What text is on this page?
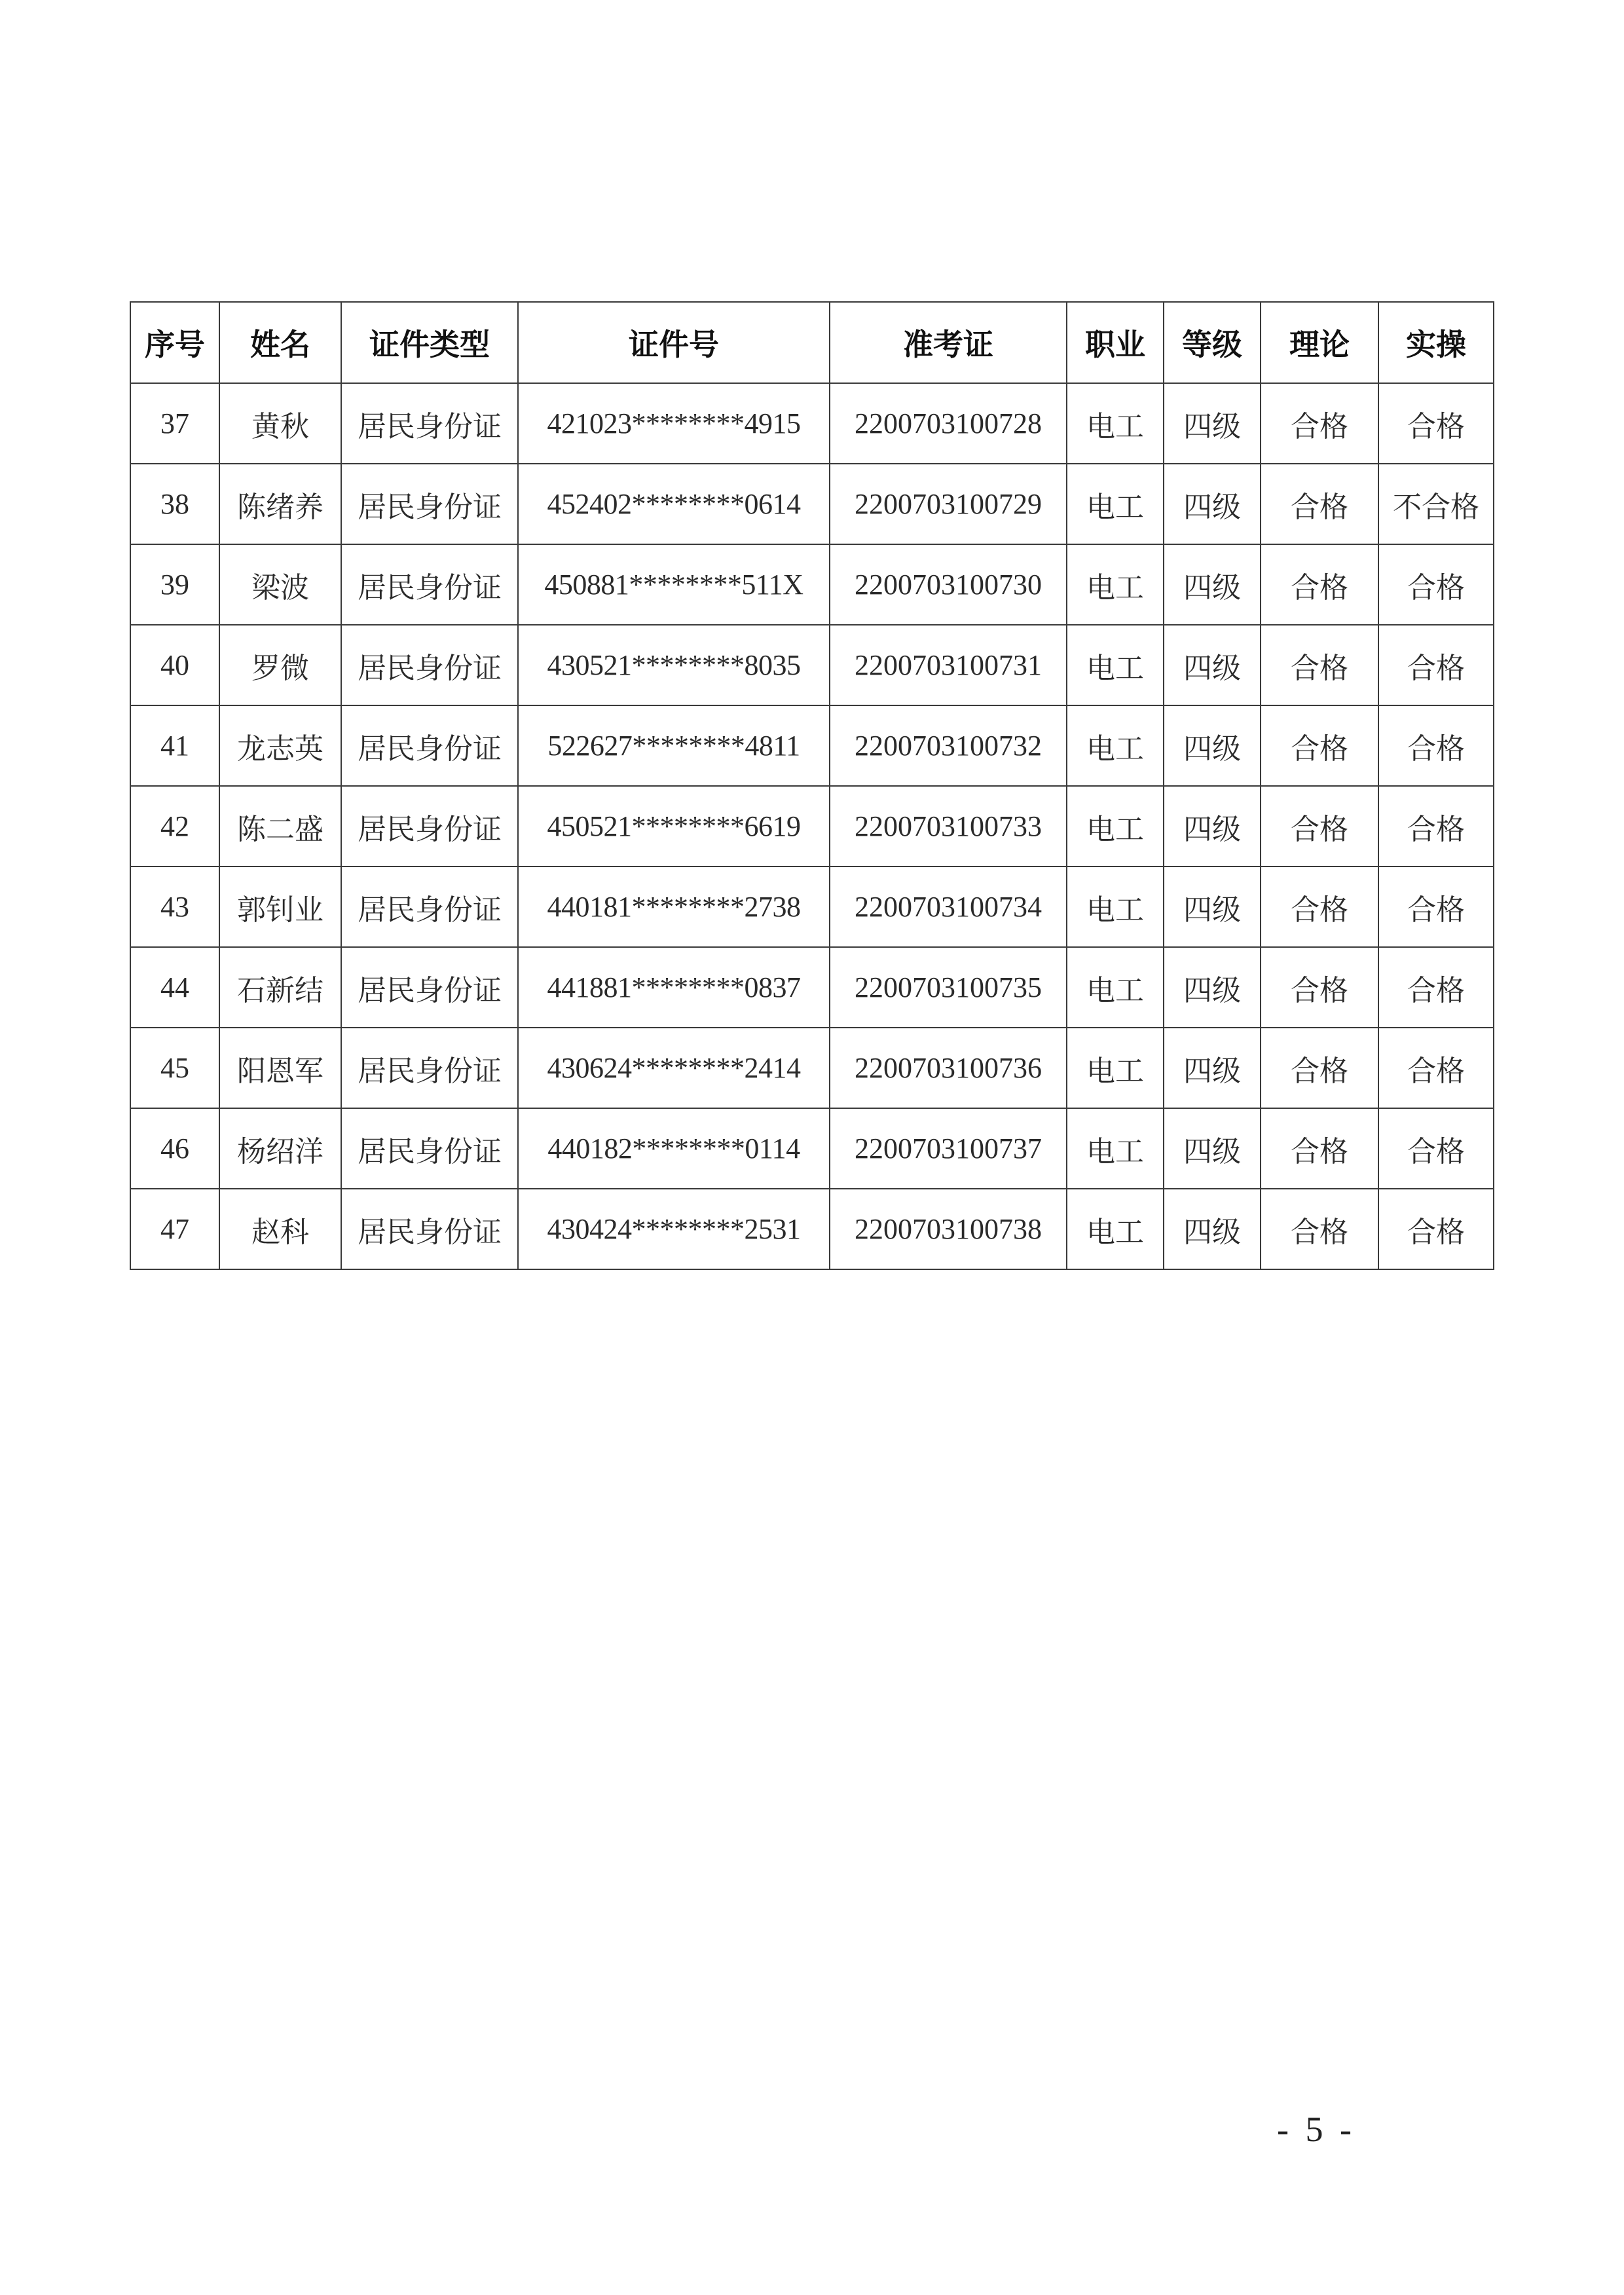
序号	姓名	证件类型	证件号	准考证	职业	等级	理论	实操
37	黄秋	居民身份证	421023********4915	2200703100728	电工	四级	合格	合格
38	陈绪养	居民身份证	452402********0614	2200703100729	电工	四级	合格	不合格
39	梁波	居民身份证	450881********511X	2200703100730	电工	四级	合格	合格
40	罗微	居民身份证	430521********8035	2200703100731	电工	四级	合格	合格
41	龙志英	居民身份证	522627********4811	2200703100732	电工	四级	合格	合格
42	陈二盛	居民身份证	450521********6619	2200703100733	电工	四级	合格	合格
43	郭钊业	居民身份证	440181********2738	2200703100734	电工	四级	合格	合格
44	石新结	居民身份证	441881********0837	2200703100735	电工	四级	合格	合格
45	阳恩军	居民身份证	430624********2414	2200703100736	电工	四级	合格	合格
46	杨绍洋	居民身份证	440182********0114	2200703100737	电工	四级	合格	合格
47	赵科	居民身份证	430424********2531	2200703100738	电工	四级	合格	合格
- 5 -
